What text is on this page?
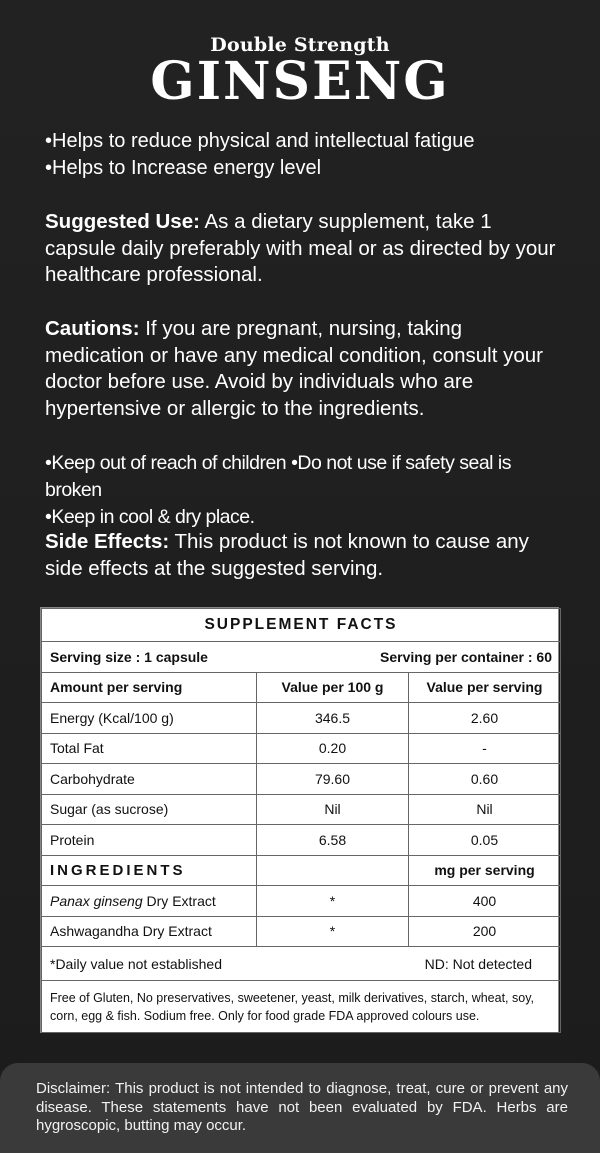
Double Strength
GINSENG
• Helps to reduce physical and intellectual fatigue
• Helps to Increase energy level
Suggested Use: As a dietary supplement, take 1 capsule daily preferably with meal or as directed by your healthcare professional.
Cautions: If you are pregnant, nursing, taking medication or have any medical condition, consult your doctor before use. Avoid by individuals who are hypertensive or allergic to the ingredients.
•Keep out of reach of children •Do not use if safety seal is broken
•Keep in cool & dry place.
Side Effects: This product is not known to cause any side effects at the suggested serving.
SUPPLEMENT FACTS		

Serving size : 1 capsule Serving per container : 60		

Amount per serving	Value per 100 g	Value per serving
Energy (Kcal/100 g)	346.5	2.60
Total Fat	0.20	-
Carbohydrate	79.60	0.60
Sugar (as sucrose)	Nil	Nil
Protein	6.58	0.05
INGREDIENTS		mg per serving
Panax ginseng Dry Extract	*	400
Ashwagandha Dry Extract	*	200

*Daily value not established ND: Not detected		

Free of Gluten, No preservatives, sweetener, yeast, milk derivatives, starch, wheat, soy, corn, egg & fish. Sodium free. Only for food grade FDA approved colours use.		
Disclaimer: This product is not intended to diagnose, treat, cure or prevent any disease. These statements have not been evaluated by FDA. Herbs are hygroscopic, butting may occur.
